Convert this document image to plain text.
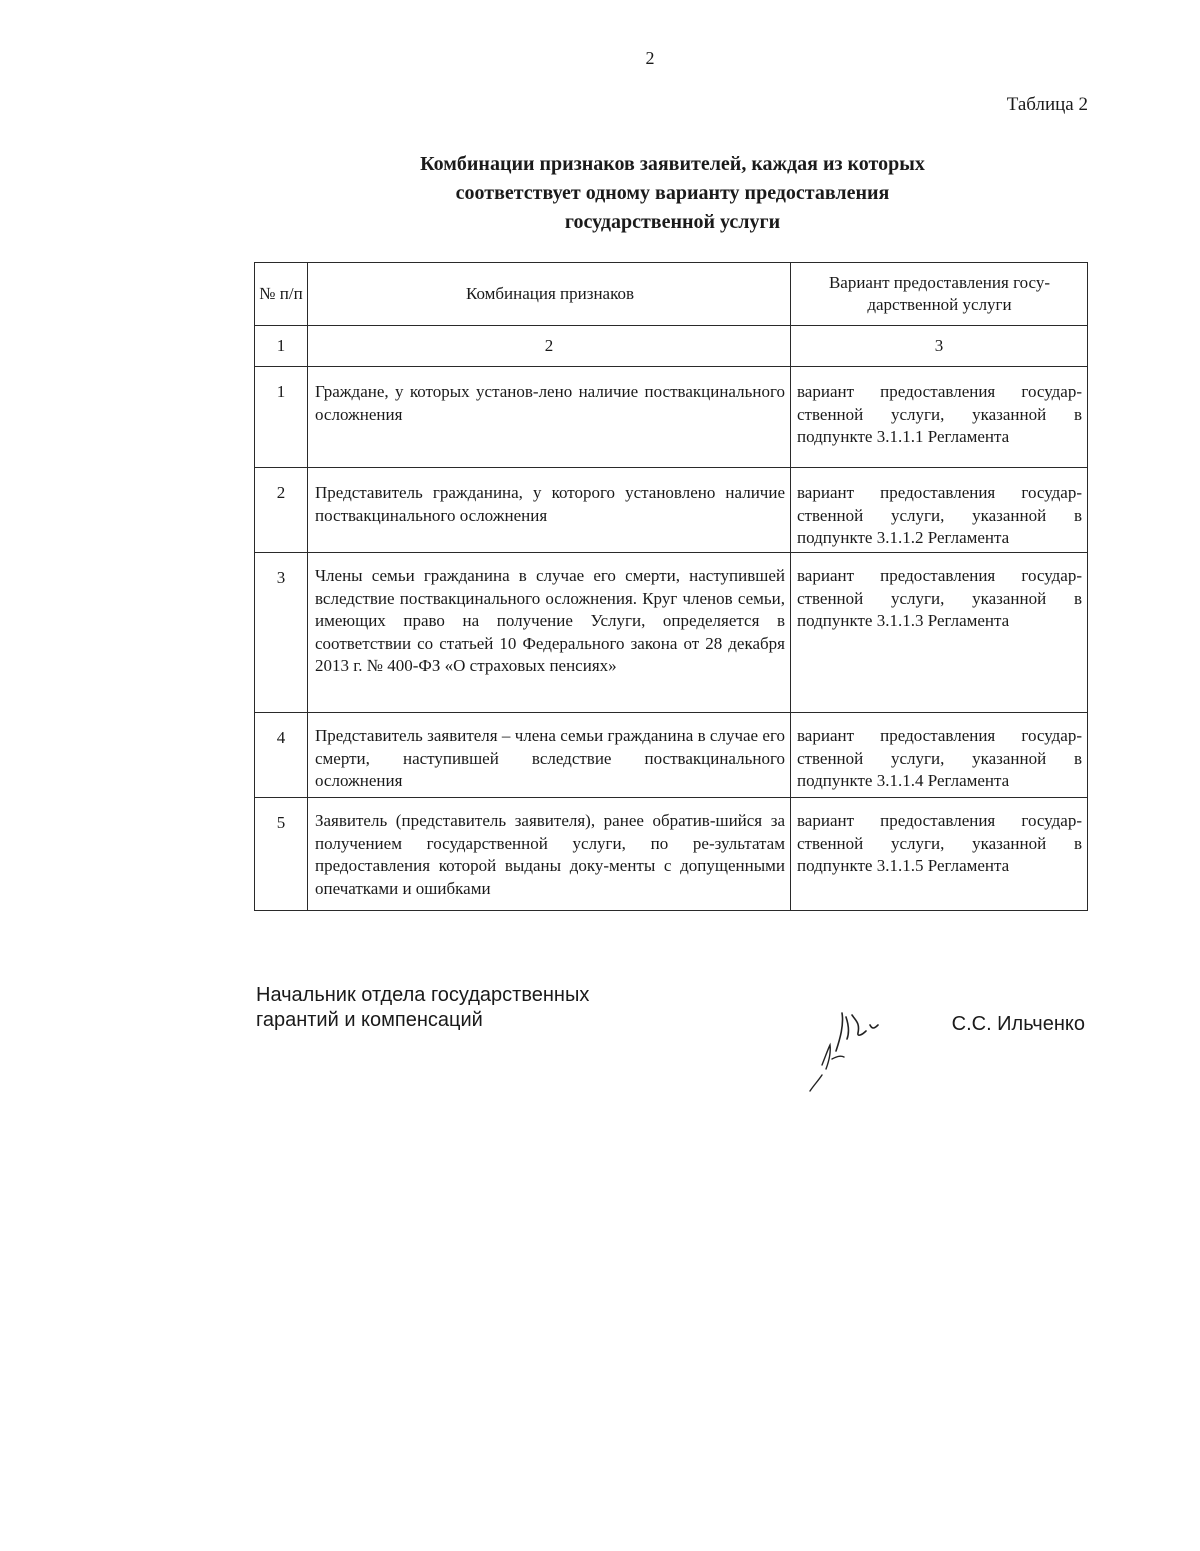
2
Таблица 2
Комбинации признаков заявителей, каждая из которых
соответствует одному варианту предоставления
государственной услуги
№ п/п	Комбинация признаков	Вариант предоставления госу-дарственной услуги
1	2	3
1	Граждане, у которых установ-лено наличие поствакцинального осложнения	вариант предоставления государ-ственной услуги, указанной в подпункте 3.1.1.1 Регламента
2	Представитель гражданина, у которого установлено наличие поствакцинального осложнения	вариант предоставления государ-ственной услуги, указанной в подпункте 3.1.1.2 Регламента
3	Члены семьи гражданина в случае его смерти, наступившей вследствие поствакцинального осложнения. Круг членов семьи, имеющих право на получение Услуги, определяется в соответствии со статьей 10 Федерального закона от 28 декабря 2013 г. № 400-ФЗ «О страховых пенсиях»	вариант предоставления государ-ственной услуги, указанной в подпункте 3.1.1.3 Регламента
4	Представитель заявителя – члена семьи гражданина в случае его смерти, наступившей вследствие поствакцинального осложнения	вариант предоставления государ-ственной услуги, указанной в подпункте 3.1.1.4 Регламента
5	Заявитель (представитель заявителя), ранее обратив-шийся за получением государственной услуги, по ре-зультатам предоставления которой выданы доку-менты с допущенными опечатками и ошибками	вариант предоставления государ-ственной услуги, указанной в подпункте 3.1.1.5 Регламента
Начальник отдела государственных
гарантий и компенсаций	С.С. Ильченко
